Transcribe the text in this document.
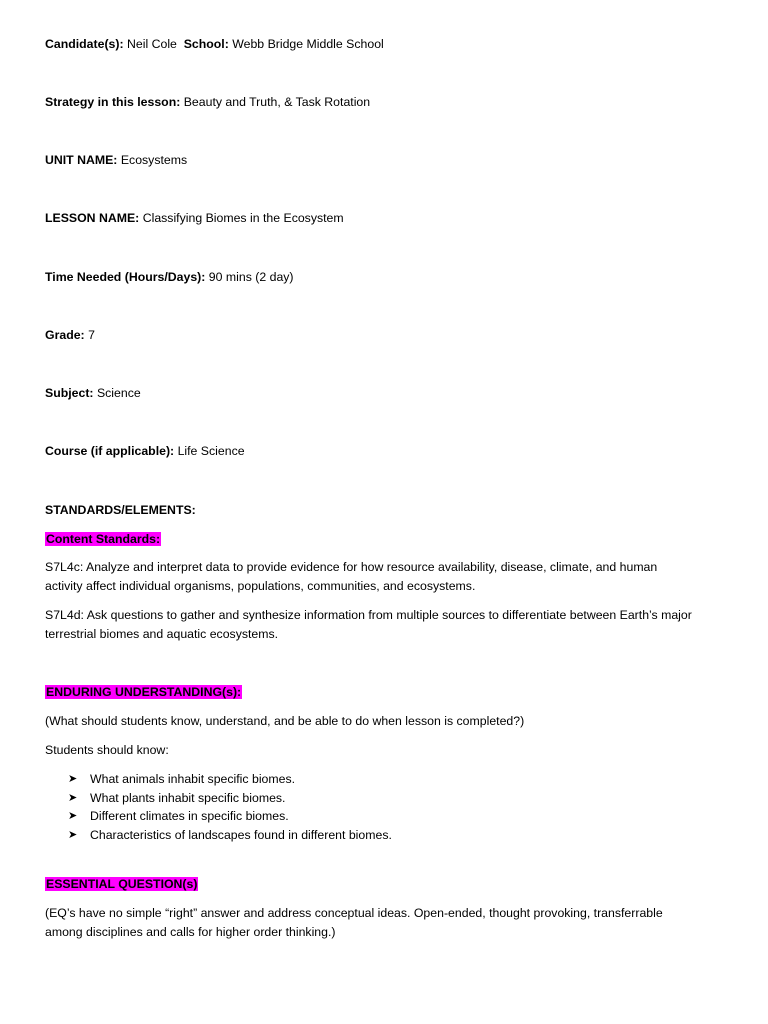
Candidate(s): Neil Cole School: Webb Bridge Middle School
Strategy in this lesson: Beauty and Truth, & Task Rotation
UNIT NAME: Ecosystems
LESSON NAME: Classifying Biomes in the Ecosystem
Time Needed (Hours/Days): 90 mins (2 day)
Grade: 7
Subject: Science
Course (if applicable): Life Science
STANDARDS/ELEMENTS:
Content Standards:
S7L4c: Analyze and interpret data to provide evidence for how resource availability, disease, climate, and human activity affect individual organisms, populations, communities, and ecosystems.
S7L4d: Ask questions to gather and synthesize information from multiple sources to differentiate between Earth’s major terrestrial biomes and aquatic ecosystems.
ENDURING UNDERSTANDING(s):
(What should students know, understand, and be able to do when lesson is completed?)
Students should know:
➤ What animals inhabit specific biomes.
➤ What plants inhabit specific biomes.
➤ Different climates in specific biomes.
➤ Characteristics of landscapes found in different biomes.
ESSENTIAL QUESTION(s)
(EQ’s have no simple “right” answer and address conceptual ideas. Open-ended, thought provoking, transferrable among disciplines and calls for higher order thinking.)
